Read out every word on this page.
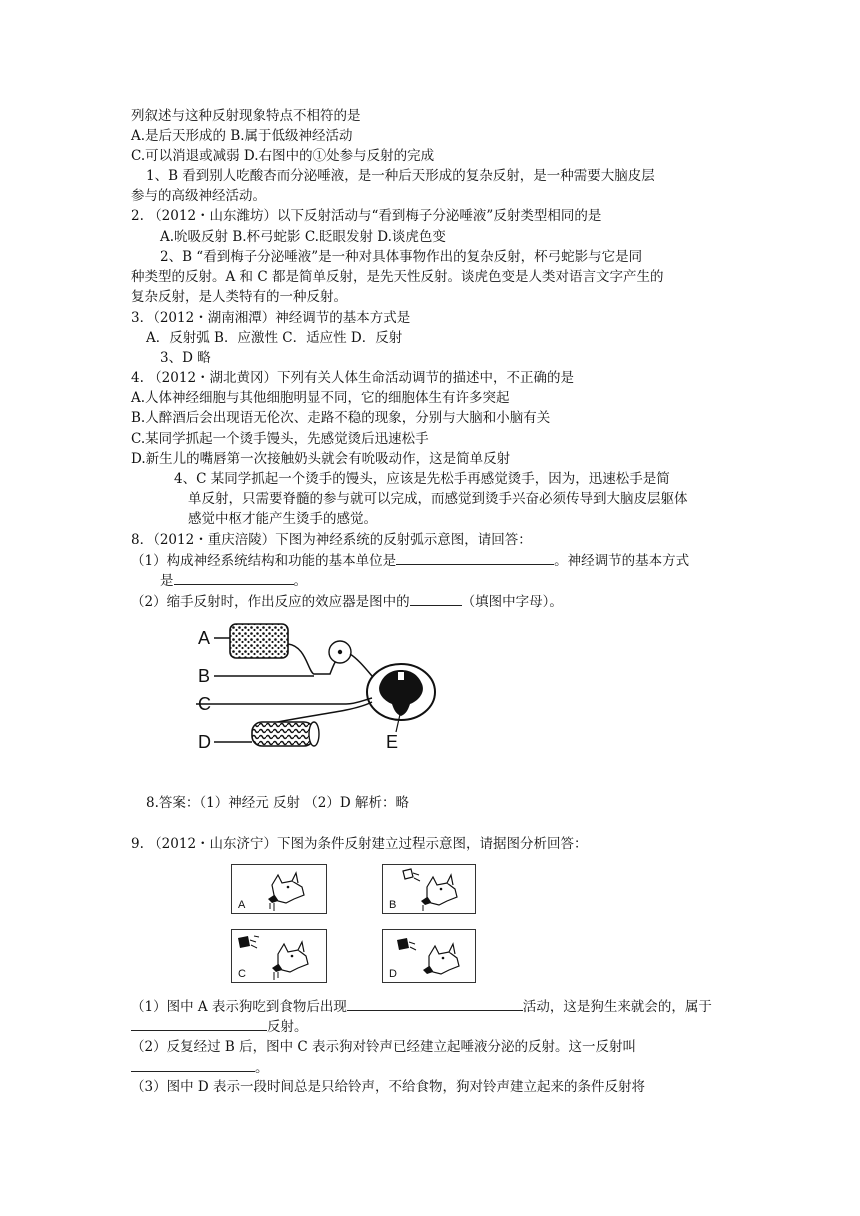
列叙述与这种反射现象特点不相符的是
A.是后天形成的 B.属于低级神经活动
C.可以消退或减弱 D.右图中的①处参与反射的完成
1、B 看到别人吃酸杏而分泌唾液，是一种后天形成的复杂反射，是一种需要大脑皮层
参与的高级神经活动。
2. （2012・山东潍坊）以下反射活动与“看到梅子分泌唾液”反射类型相同的是
A.吮吸反射 B.杯弓蛇影 C.眨眼发射 D.谈虎色变
2、B “看到梅子分泌唾液”是一种对具体事物作出的复杂反射，杯弓蛇影与它是同
种类型的反射。A 和 C 都是简单反射，是先天性反射。谈虎色变是人类对语言文字产生的
复杂反射，是人类特有的一种反射。
3．（2012・湖南湘潭）神经调节的基本方式是
A．反射弧 B．应激性 C．适应性 D．反射
3、D 略
4. （2012・湖北黄冈）下列有关人体生命活动调节的描述中，不正确的是
A.人体神经细胞与其他细胞明显不同，它的细胞体生有许多突起
B.人醉酒后会出现语无伦次、走路不稳的现象，分别与大脑和小脑有关
C.某同学抓起一个烫手馒头，先感觉烫后迅速松手
D.新生儿的嘴唇第一次接触奶头就会有吮吸动作，这是简单反射
4、C 某同学抓起一个烫手的馒头，应该是先松手再感觉烫手，因为，迅速松手是简
单反射，只需要脊髓的参与就可以完成，而感觉到烫手兴奋必须传导到大脑皮层躯体
感觉中枢才能产生烫手的感觉。
8．（2012・重庆涪陵）下图为神经系统的反射弧示意图，请回答：
（1）构成神经系统结构和功能的基本单位是	。神经调节的基本方式
是	。
（2）缩手反射时，作出反应的效应器是图中的	（填图中字母）。
A
B
C
D	E
8.答案：（1）神经元 反射 （2）D 解析：略
9. （2012・山东济宁）下图为条件反射建立过程示意图，请据图分析回答：
A	B
C	D
（1）图中 A 表示狗吃到食物后出现	活动，这是狗生来就会的，属于
反射。
（2）反复经过 B 后，图中 C 表示狗对铃声已经建立起唾液分泌的反射。这一反射叫
。
（3）图中 D 表示一段时间总是只给铃声，不给食物，狗对铃声建立起来的条件反射将
